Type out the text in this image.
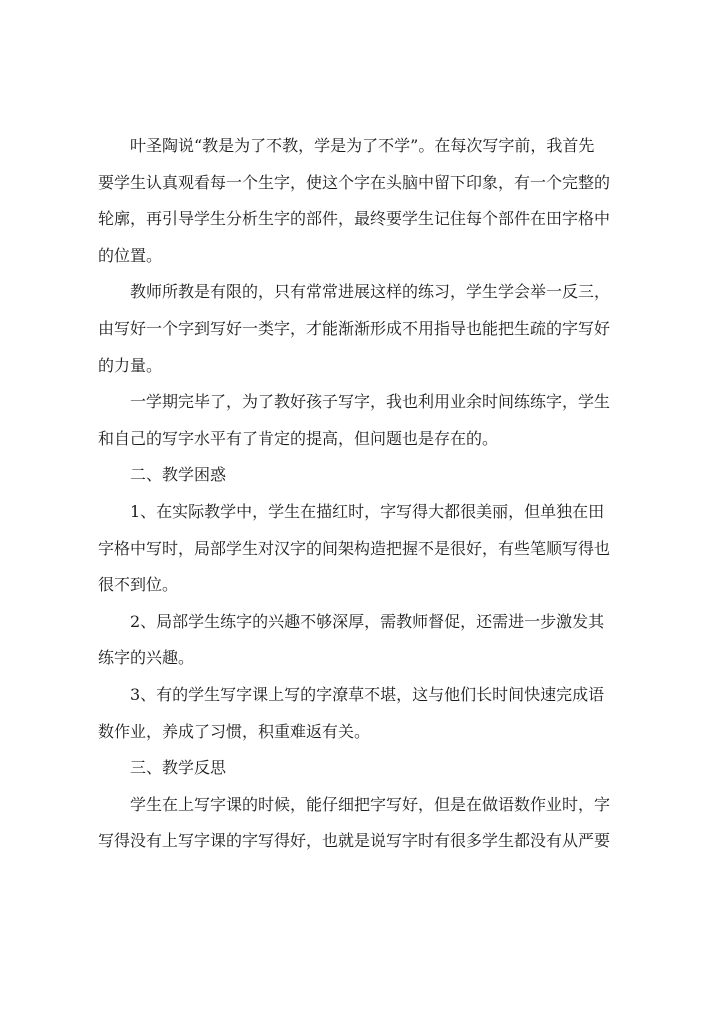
　　叶圣陶说“教是为了不教，学是为了不学”。在每次写字前，我首先
要学生认真观看每一个生字，使这个字在头脑中留下印象，有一个完整的
轮廓，再引导学生分析生字的部件，最终要学生记住每个部件在田字格中
的位置。
　　教师所教是有限的，只有常常进展这样的练习，学生学会举一反三，
由写好一个字到写好一类字，才能渐渐形成不用指导也能把生疏的字写好
的力量。
　　一学期完毕了，为了教好孩子写字，我也利用业余时间练练字，学生
和自己的写字水平有了肯定的提高，但问题也是存在的。
　　二、教学困惑
　　1、在实际教学中，学生在描红时，字写得大都很美丽，但单独在田
字格中写时，局部学生对汉字的间架构造把握不是很好，有些笔顺写得也
很不到位。
　　2、局部学生练字的兴趣不够深厚，需教师督促，还需进一步激发其
练字的兴趣。
　　3、有的学生写字课上写的字潦草不堪，这与他们长时间快速完成语
数作业，养成了习惯，积重难返有关。
　　三、教学反思
　　学生在上写字课的时候，能仔细把字写好，但是在做语数作业时，字
写得没有上写字课的字写得好，也就是说写字时有很多学生都没有从严要
